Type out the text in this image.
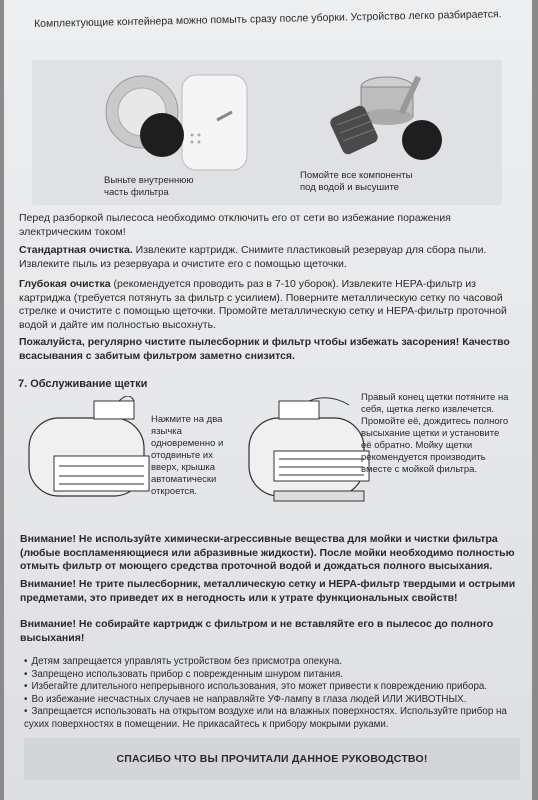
Комплектующие контейнера можно помыть сразу после уборки. Устройство легко разбирается.
Выньте внутреннюю
часть фильтра
Помойте все компоненты
под водой и высушите
Перед разборкой пылесоса необходимо отключить его от сети во избежание поражения электрическим током!
Стандартная очистка. Извлеките картридж. Снимите пластиковый резервуар для сбора пыли. Извлеките пыль из резервуара и очистите его с помощью щеточки.
Глубокая очистка (рекомендуется проводить раз в 7-10 уборок). Извлеките HEPA-фильтр из картриджа (требуется потянуть за фильтр с усилием). Поверните металлическую сетку по часовой стрелке и очистите с помощью щеточки. Промойте металлическую сетку и HEPA-фильтр проточной водой и дайте им полностью высохнуть.
Пожалуйста, регулярно чистите пылесборник и фильтр чтобы избежать засорения! Качество всасывания с забитым фильтром заметно снизится.
7. Обслуживание щетки
Нажмите на два язычка одновременно и отодвиньте их вверх, крышка автоматически откроется.
Правый конец щетки потяните на себя, щетка легко извлечется. Промойте её, дождитесь полного высыхание щетки и установите её обратно. Мойку щетки рекомендуется производить вместе с мойкой фильтра.
Внимание! Не используйте химически-агрессивные вещества для мойки и чистки фильтра (любые воспламеняющиеся или абразивные жидкости). После мойки необходимо полностью отмыть фильтр от моющего средства проточной водой и дождаться полного высыхания.
Внимание! Не трите пылесборник, металлическую сетку и HEPA-фильтр твердыми и острыми предметами, это приведет их в негодность или к утрате функциональных свойств!
Внимание! Не собирайте картридж с фильтром и не вставляйте его в пылесос до полного высыхания!
• Детям запрещается управлять устройством без присмотра опекуна.
• Запрещено использовать прибор с поврежденным шнуром питания.
• Избегайте длительного непрерывного использования, это может привести к повреждению прибора.
• Во избежание несчастных случаев не направляйте УФ-лампу в глаза людей ИЛИ ЖИВОТНЫХ.
• Запрещается использовать на открытом воздухе или на влажных поверхностях. Используйте прибор на сухих поверхностях в помещении. Не прикасайтесь к прибору мокрыми руками.
СПАСИБО ЧТО ВЫ ПРОЧИТАЛИ ДАННОЕ РУКОВОДСТВО!
